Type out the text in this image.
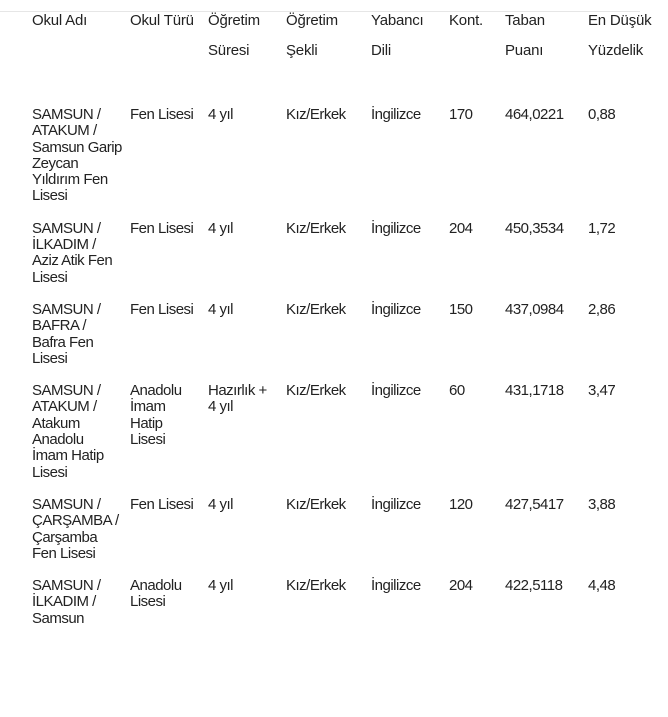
Okul Adı	Okul Türü	Öğretim Süresi	Öğretim Şekli	Yabancı Dili	Kont.	Taban Puanı	En Düşük Yüzdelik

SAMSUN / ATAKUM / Samsun Garip Zeycan Yıldırım Fen Lisesi	Fen Lisesi	4 yıl	Kız/Erkek	İngilizce	170	464,0221	0,88
SAMSUN / İLKADIM / Aziz Atik Fen Lisesi	Fen Lisesi	4 yıl	Kız/Erkek	İngilizce	204	450,3534	1,72
SAMSUN / BAFRA / Bafra Fen Lisesi	Fen Lisesi	4 yıl	Kız/Erkek	İngilizce	150	437,0984	2,86
SAMSUN / ATAKUM / Atakum Anadolu İmam Hatip Lisesi	Anadolu İmam Hatip Lisesi	Hazırlık + 4 yıl	Kız/Erkek	İngilizce	60	431,1718	3,47
SAMSUN / ÇARŞAMBA / Çarşamba Fen Lisesi	Fen Lisesi	4 yıl	Kız/Erkek	İngilizce	120	427,5417	3,88
SAMSUN / İLKADIM / Samsun	Anadolu Lisesi	4 yıl	Kız/Erkek	İngilizce	204	422,5118	4,48
